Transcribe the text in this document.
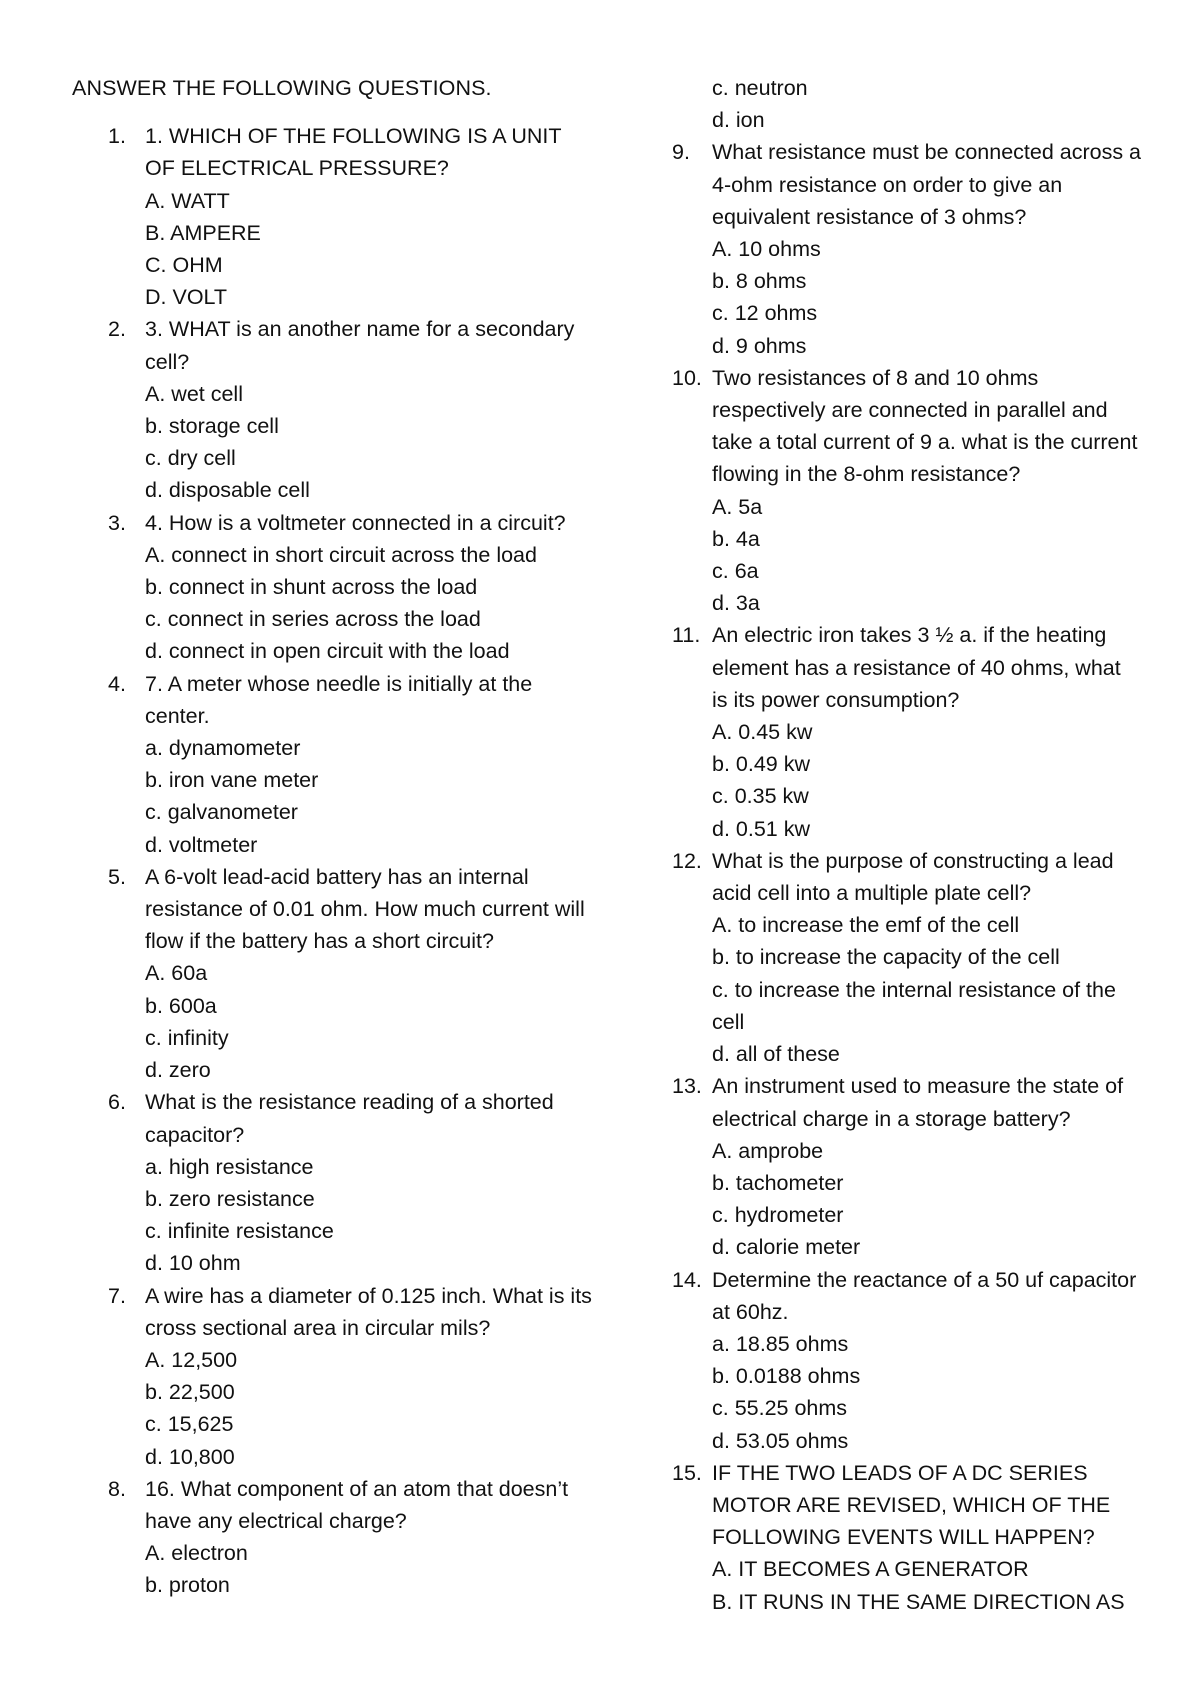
ANSWER THE FOLLOWING QUESTIONS.
1. 1. WHICH OF THE FOLLOWING IS A UNIT OF ELECTRICAL PRESSURE?
A. WATT
B. AMPERE
C. OHM
D. VOLT
2. 3. WHAT is an another name for a secondary cell?
A. wet cell
b. storage cell
c. dry cell
d. disposable cell
3. 4. How is a voltmeter connected in a circuit?
A. connect in short circuit across the load
b. connect in shunt across the load
c. connect in series across the load
d. connect in open circuit with the load
4. 7. A meter whose needle is initially at the center.
a. dynamometer
b. iron vane meter
c. galvanometer
d. voltmeter
5. A 6-volt lead-acid battery has an internal resistance of 0.01 ohm. How much current will flow if the battery has a short circuit?
A. 60a
b. 600a
c. infinity
d. zero
6. What is the resistance reading of a shorted capacitor?
a. high resistance
b. zero resistance
c. infinite resistance
d. 10 ohm
7. A wire has a diameter of 0.125 inch. What is its cross sectional area in circular mils?
A. 12,500
b. 22,500
c. 15,625
d. 10,800
8. 16. What component of an atom that doesn’t have any electrical charge?
A. electron
b. proton
c. neutron
d. ion
9. What resistance must be connected across a 4-ohm resistance on order to give an equivalent resistance of 3 ohms?
A. 10 ohms
b. 8 ohms
c. 12 ohms
d. 9 ohms
10. Two resistances of 8 and 10 ohms respectively are connected in parallel and take a total current of 9 a. what is the current flowing in the 8-ohm resistance?
A. 5a
b. 4a
c. 6a
d. 3a
11. An electric iron takes 3 ½ a. if the heating element has a resistance of 40 ohms, what is its power consumption?
A. 0.45 kw
b. 0.49 kw
c. 0.35 kw
d. 0.51 kw
12. What is the purpose of constructing a lead acid cell into a multiple plate cell?
A. to increase the emf of the cell
b. to increase the capacity of the cell
c. to increase the internal resistance of the cell
d. all of these
13. An instrument used to measure the state of electrical charge in a storage battery?
A. amprobe
b. tachometer
c. hydrometer
d. calorie meter
14. Determine the reactance of a 50 uf capacitor at 60hz.
a. 18.85 ohms
b. 0.0188 ohms
c. 55.25 ohms
d. 53.05 ohms
15. IF THE TWO LEADS OF A DC SERIES MOTOR ARE REVISED, WHICH OF THE FOLLOWING EVENTS WILL HAPPEN?
A. IT BECOMES A GENERATOR
B. IT RUNS IN THE SAME DIRECTION AS
